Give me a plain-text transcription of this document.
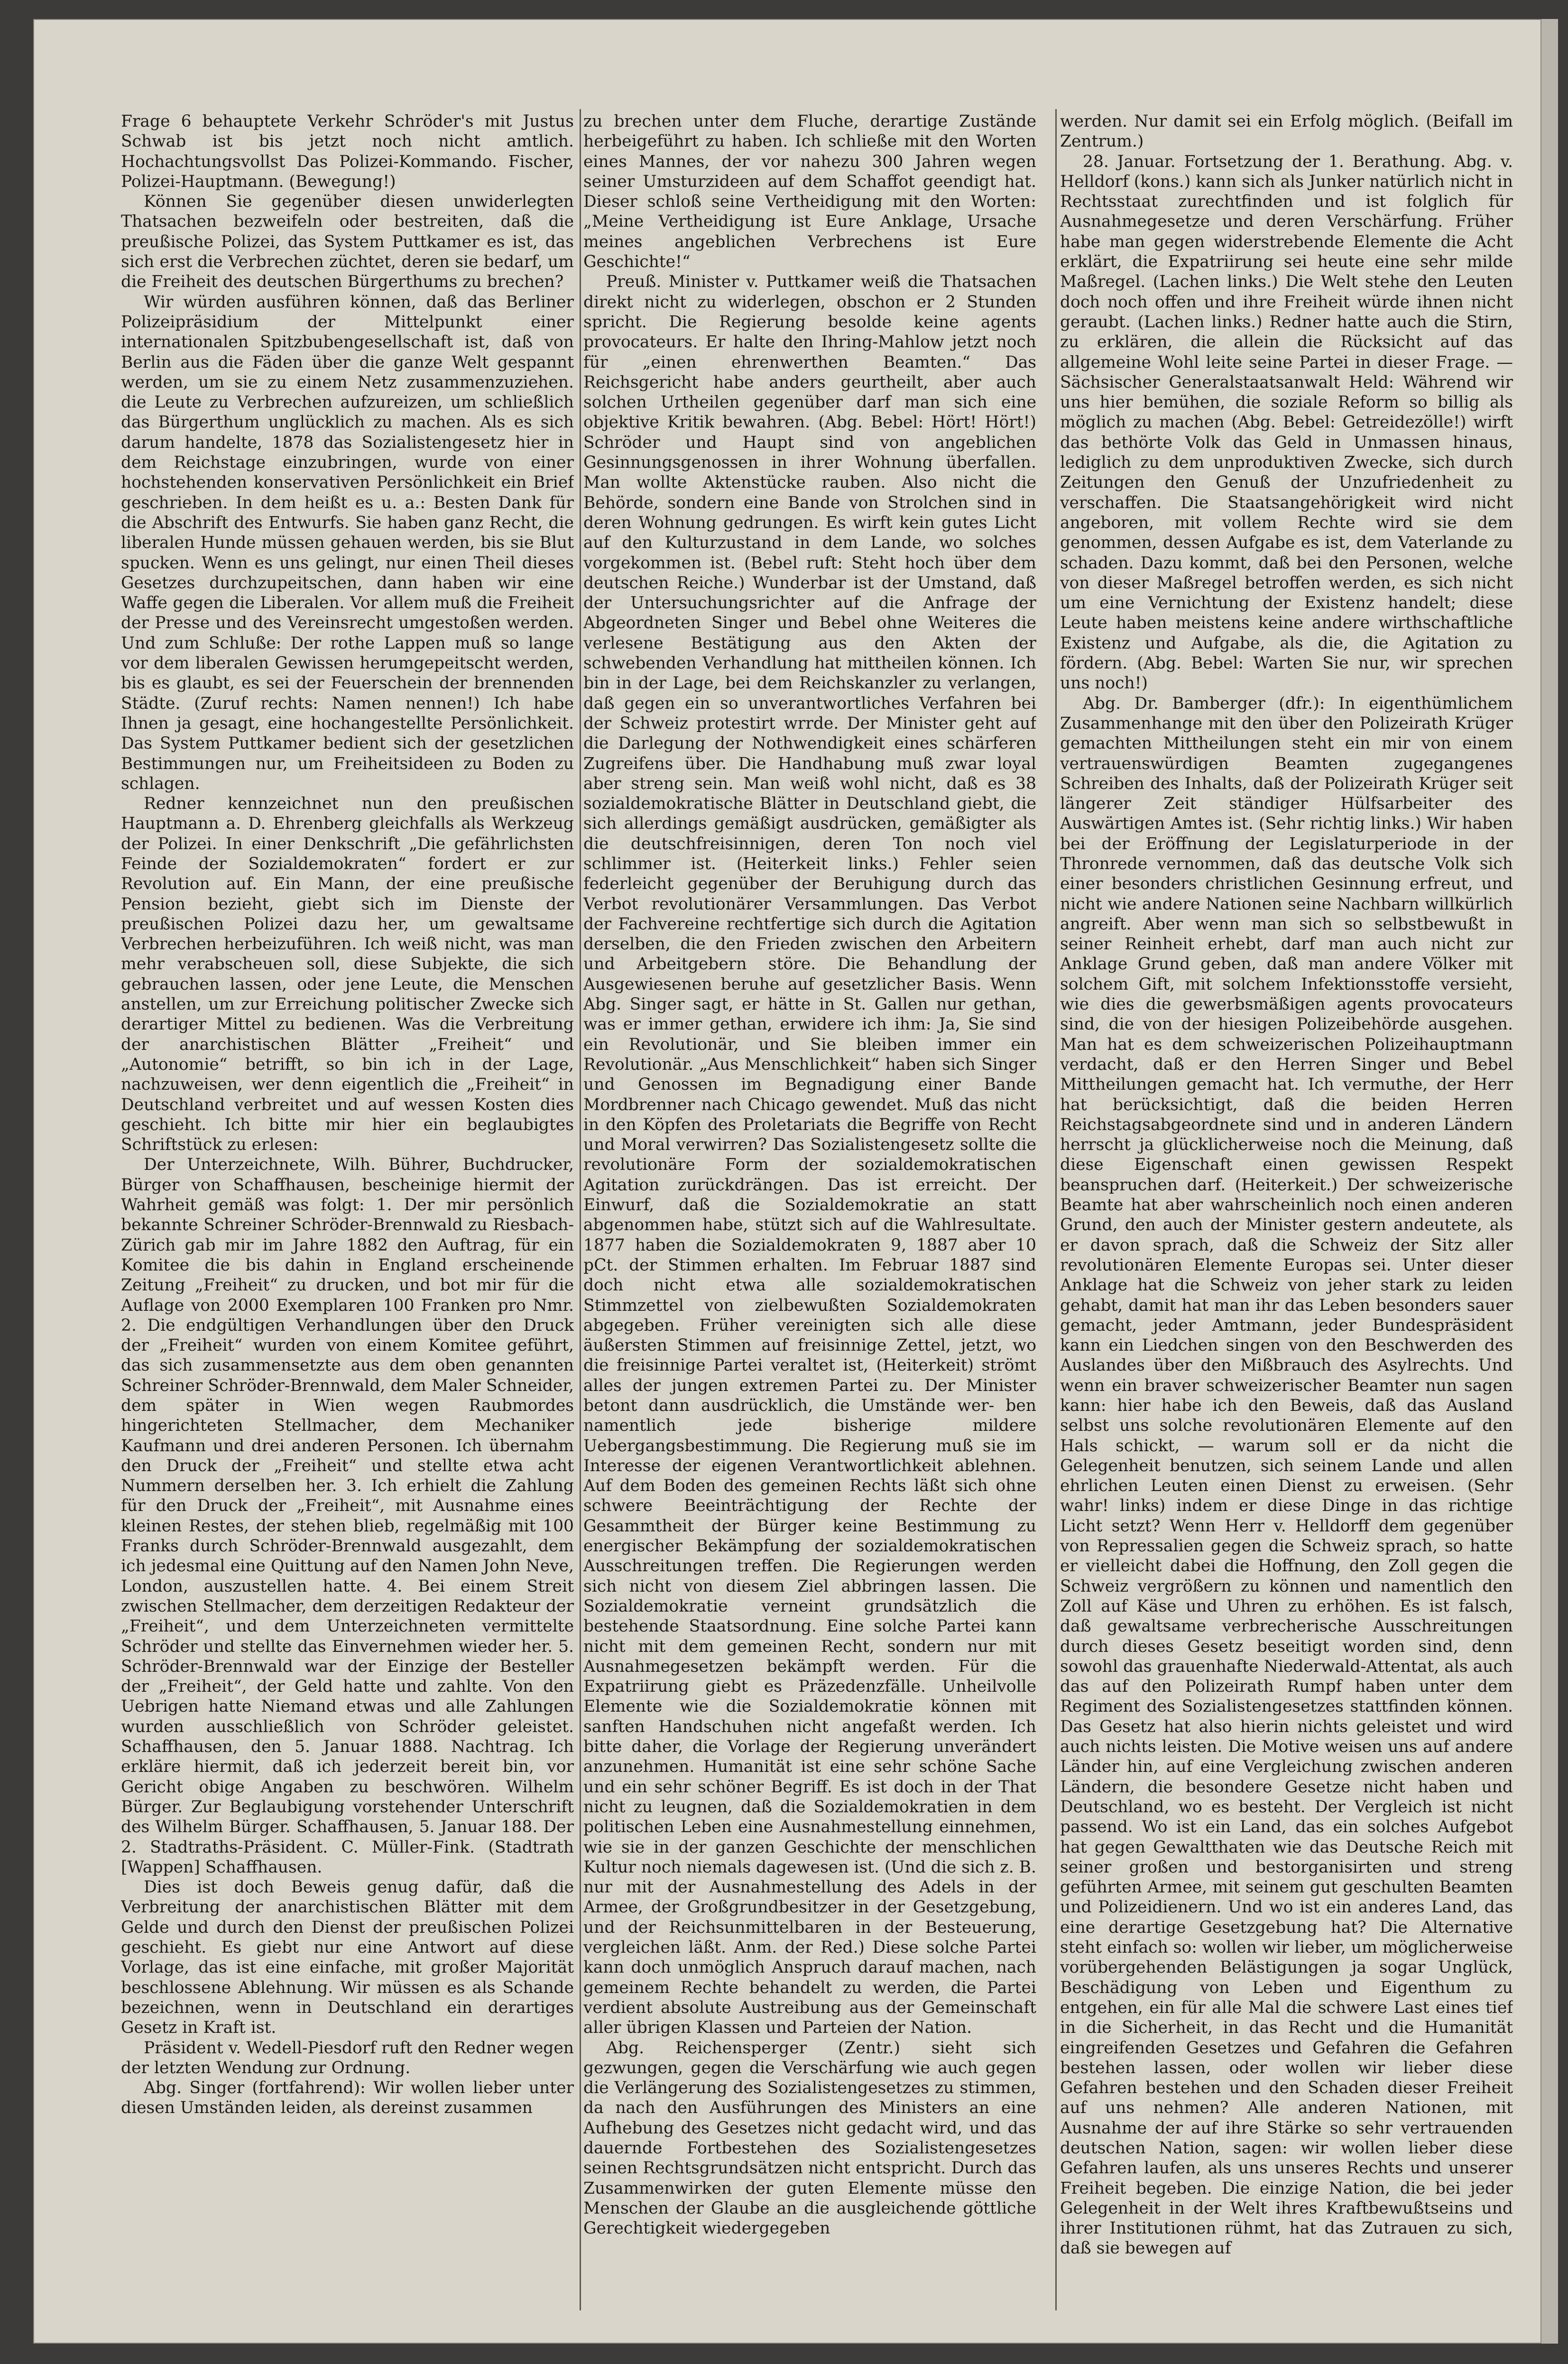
Frage 6 behauptete Verkehr Schröder's mit Justus Schwab ist bis jetzt noch nicht amtlich. Hochachtungsvollst Das Polizei-Kommando. Fischer, Polizei-Hauptmann. (Bewegung!)

Können Sie gegenüber diesen unwiderlegten Thatsachen bezweifeln oder bestreiten, daß die preußische Polizei, das System Puttkamer es ist, das sich erst die Verbrechen züchtet, deren sie bedarf, um die Freiheit des deutschen Bürgerthums zu brechen?

Wir würden ausführen können, daß das Berliner Polizeipräsidium der Mittelpunkt einer internationalen Spitzbubengesellschaft ist, daß von Berlin aus die Fäden über die ganze Welt gespannt werden, um sie zu einem Netz zusammenzuziehen. die Leute zu Verbrechen aufzureizen, um schließlich das Bürgerthum unglücklich zu machen. Als es sich darum handelte, 1878 das Sozialistengesetz hier in dem Reichstage einzubringen, wurde von einer hochstehenden konservativen Persönlichkeit ein Brief geschrieben. In dem heißt es u. a.: Besten Dank für die Abschrift des Entwurfs. Sie haben ganz Recht, die liberalen Hunde müssen gehauen werden, bis sie Blut spucken. Wenn es uns gelingt, nur einen Theil dieses Gesetzes durchzupeitschen, dann haben wir eine Waffe gegen die Liberalen. Vor allem muß die Freiheit der Presse und des Vereinsrecht umgestoßen werden. Und zum Schluße: Der rothe Lappen muß so lange vor dem liberalen Gewissen herumgepeitscht werden, bis es glaubt, es sei der Feuerschein der brennenden Städte. (Zuruf rechts: Namen nennen!) Ich habe Ihnen ja gesagt, eine hochangestellte Persönlichkeit. Das System Puttkamer bedient sich der gesetzlichen Bestimmungen nur, um Freiheitsideen zu Boden zu schlagen.

Redner kennzeichnet nun den preußischen Hauptmann a. D. Ehrenberg gleichfalls als Werkzeug der Polizei. In einer Denkschrift „Die gefährlichsten Feinde der Sozialdemokraten“ fordert er zur Revolution auf. Ein Mann, der eine preußische Pension bezieht, giebt sich im Dienste der preußischen Polizei dazu her, um gewaltsame Verbrechen herbeizuführen. Ich weiß nicht, was man mehr verabscheuen soll, diese Subjekte, die sich gebrauchen lassen, oder jene Leute, die Menschen anstellen, um zur Erreichung politischer Zwecke sich derartiger Mittel zu bedienen. Was die Verbreitung der anarchistischen Blätter „Freiheit“ und „Autonomie“ betrifft, so bin ich in der Lage, nachzuweisen, wer denn eigentlich die „Freiheit“ in Deutschland verbreitet und auf wessen Kosten dies geschieht. Ich bitte mir hier ein beglaubigtes Schriftstück zu erlesen:

Der Unterzeichnete, Wilh. Bührer, Buchdrucker, Bürger von Schaffhausen, bescheinige hiermit der Wahrheit gemäß was folgt: 1. Der mir persönlich bekannte Schreiner Schröder-Brennwald zu Riesbach-Zürich gab mir im Jahre 1882 den Auftrag, für ein Komitee die bis dahin in England erscheinende Zeitung „Freiheit“ zu drucken, und bot mir für die Auflage von 2000 Exemplaren 100 Franken pro Nmr. 2. Die endgültigen Verhandlungen über den Druck der „Freiheit“ wurden von einem Komitee geführt, das sich zusammensetzte aus dem oben genannten Schreiner Schröder-Brennwald, dem Maler Schneider, dem später in Wien wegen Raubmordes hingerichteten Stellmacher, dem Mechaniker Kaufmann und drei anderen Personen. Ich übernahm den Druck der „Freiheit“ und stellte etwa acht Nummern derselben her. 3. Ich erhielt die Zahlung für den Druck der „Freiheit“, mit Ausnahme eines kleinen Restes, der stehen blieb, regelmäßig mit 100 Franks durch Schröder-Brennwald ausgezahlt, dem ich jedesmal eine Quittung auf den Namen John Neve, London, auszustellen hatte. 4. Bei einem Streit zwischen Stellmacher, dem derzeitigen Redakteur der „Freiheit“, und dem Unterzeichneten vermittelte Schröder und stellte das Einvernehmen wieder her. 5. Schröder-Brennwald war der Einzige der Besteller der „Freiheit“, der Geld hatte und zahlte. Von den Uebrigen hatte Niemand etwas und alle Zahlungen wurden ausschließlich von Schröder geleistet. Schaffhausen, den 5. Januar 1888. Nachtrag. Ich erkläre hiermit, daß ich jederzeit bereit bin, vor Gericht obige Angaben zu beschwören. Wilhelm Bürger. Zur Beglaubigung vorstehender Unterschrift des Wilhelm Bürger. Schaffhausen, 5. Januar 188. Der 2. Stadtraths-Präsident. C. Müller-Fink. (Stadtrath [Wappen] Schaffhausen.

Dies ist doch Beweis genug dafür, daß die Verbreitung der anarchistischen Blätter mit dem Gelde und durch den Dienst der preußischen Polizei geschieht. Es giebt nur eine Antwort auf diese Vorlage, das ist eine einfache, mit großer Majorität beschlossene Ablehnung. Wir müssen es als Schande bezeichnen, wenn in Deutschland ein derartiges Gesetz in Kraft ist.

Präsident v. Wedell-Piesdorf ruft den Redner wegen der letzten Wendung zur Ordnung.

Abg. Singer (fortfahrend): Wir wollen lieber unter diesen Umständen leiden, als dereinst zusammen

zu brechen unter dem Fluche, derartige Zustände herbeigeführt zu haben. Ich schließe mit den Worten eines Mannes, der vor nahezu 300 Jahren wegen seiner Umsturzideen auf dem Schaffot geendigt hat. Dieser schloß seine Vertheidigung mit den Worten: „Meine Vertheidigung ist Eure Anklage, Ursache meines angeblichen Verbrechens ist Eure Geschichte!“

Preuß. Minister v. Puttkamer weiß die Thatsachen direkt nicht zu widerlegen, obschon er 2 Stunden spricht. Die Regierung besolde keine agents provocateurs. Er halte den Ihring-Mahlow jetzt noch für „einen ehrenwerthen Beamten.“ Das Reichsgericht habe anders geurtheilt, aber auch solchen Urtheilen gegenüber darf man sich eine objektive Kritik bewahren. (Abg. Bebel: Hört! Hört!) Schröder und Haupt sind von angeblichen Gesinnungsgenossen in ihrer Wohnung überfallen. Man wollte Aktenstücke rauben. Also nicht die Behörde, sondern eine Bande von Strolchen sind in deren Wohnung gedrungen. Es wirft kein gutes Licht auf den Kulturzustand in dem Lande, wo solches vorgekommen ist. (Bebel ruft: Steht hoch über dem deutschen Reiche.) Wunderbar ist der Umstand, daß der Untersuchungsrichter auf die Anfrage der Abgeordneten Singer und Bebel ohne Weiteres die verlesene Bestätigung aus den Akten der schwebenden Verhandlung hat mittheilen können. Ich bin in der Lage, bei dem Reichskanzler zu verlangen, daß gegen ein so unverantwortliches Verfahren bei der Schweiz protestirt wrrde. Der Minister geht auf die Darlegung der Nothwendigkeit eines schärferen Zugreifens über. Die Handhabung muß zwar loyal aber streng sein. Man weiß wohl nicht, daß es 38 sozialdemokratische Blätter in Deutschland giebt, die sich allerdings gemäßigt ausdrücken, gemäßigter als die deutschfreisinnigen, deren Ton noch viel schlimmer ist. (Heiterkeit links.) Fehler seien federleicht gegenüber der Beruhigung durch das Verbot revolutionärer Versammlungen. Das Verbot der Fachvereine rechtfertige sich durch die Agitation derselben, die den Frieden zwischen den Arbeitern und Arbeitgebern störe. Die Behandlung der Ausgewiesenen beruhe auf gesetzlicher Basis. Wenn Abg. Singer sagt, er hätte in St. Gallen nur gethan, was er immer gethan, erwidere ich ihm: Ja, Sie sind ein Revolutionär, und Sie bleiben immer ein Revolutionär. „Aus Menschlichkeit“ haben sich Singer und Genossen im Begnadigung einer Bande Mordbrenner nach Chicago gewendet. Muß das nicht in den Köpfen des Proletariats die Begriffe von Recht und Moral verwirren? Das Sozialistengesetz sollte die revolutionäre Form der sozialdemokratischen Agitation zurückdrängen. Das ist erreicht. Der Einwurf, daß die Sozialdemokratie an statt abgenommen habe, stützt sich auf die Wahlresultate. 1877 haben die Sozialdemokraten 9, 1887 aber 10 pCt. der Stimmen erhalten. Im Februar 1887 sind doch nicht etwa alle sozialdemokratischen Stimmzettel von zielbewußten Sozialdemokraten abgegeben. Früher vereinigten sich alle diese äußersten Stimmen auf freisinnige Zettel, jetzt, wo die freisinnige Partei veraltet ist, (Heiterkeit) strömt alles der jungen extremen Partei zu. Der Minister betont dann ausdrücklich, die Umstände wer- ben namentlich jede bisherige mildere Uebergangsbestimmung. Die Regierung muß sie im Interesse der eigenen Verantwortlichkeit ablehnen. Auf dem Boden des gemeinen Rechts läßt sich ohne schwere Beeinträchtigung der Rechte der Gesammtheit der Bürger keine Bestimmung zu energischer Bekämpfung der sozialdemokratischen Ausschreitungen treffen. Die Regierungen werden sich nicht von diesem Ziel abbringen lassen. Die Sozialdemokratie verneint grundsätzlich die bestehende Staatsordnung. Eine solche Partei kann nicht mit dem gemeinen Recht, sondern nur mit Ausnahmegesetzen bekämpft werden. Für die Expatriirung giebt es Präzedenzfälle. Unheilvolle Elemente wie die Sozialdemokratie können mit sanften Handschuhen nicht angefaßt werden. Ich bitte daher, die Vorlage der Regierung unverändert anzunehmen. Humanität ist eine sehr schöne Sache und ein sehr schöner Begriff. Es ist doch in der That nicht zu leugnen, daß die Sozialdemokratien in dem politischen Leben eine Ausnahmestellung einnehmen, wie sie in der ganzen Geschichte der menschlichen Kultur noch niemals dagewesen ist. (Und die sich z. B. nur mit der Ausnahmestellung des Adels in der Armee, der Großgrundbesitzer in der Gesetzgebung, und der Reichsunmittelbaren in der Besteuerung, vergleichen läßt. Anm. der Red.) Diese solche Partei kann doch unmöglich Anspruch darauf machen, nach gemeinem Rechte behandelt zu werden, die Partei verdient absolute Austreibung aus der Gemeinschaft aller übrigen Klassen und Parteien der Nation.

Abg. Reichensperger (Zentr.) sieht sich gezwungen, gegen die Verschärfung wie auch gegen die Verlängerung des Sozialistengesetzes zu stimmen, da nach den Ausführungen des Ministers an eine Aufhebung des Gesetzes nicht gedacht wird, und das dauernde Fortbestehen des Sozialistengesetzes seinen Rechtsgrundsätzen nicht entspricht. Durch das Zusammenwirken der guten Elemente müsse den Menschen der Glaube an die ausgleichende göttliche Gerechtigkeit wiedergegeben

werden. Nur damit sei ein Erfolg möglich. (Beifall im Zentrum.)

28. Januar. Fortsetzung der 1. Berathung. Abg. v. Helldorf (kons.) kann sich als Junker natürlich nicht in Rechtsstaat zurechtfinden und ist folglich für Ausnahmegesetze und deren Verschärfung. Früher habe man gegen widerstrebende Elemente die Acht erklärt, die Expatriirung sei heute eine sehr milde Maßregel. (Lachen links.) Die Welt stehe den Leuten doch noch offen und ihre Freiheit würde ihnen nicht geraubt. (Lachen links.) Redner hatte auch die Stirn, zu erklären, die allein die Rücksicht auf das allgemeine Wohl leite seine Partei in dieser Frage. — Sächsischer Generalstaatsanwalt Held: Während wir uns hier bemühen, die soziale Reform so billig als möglich zu machen (Abg. Bebel: Getreidezölle!) wirft das bethörte Volk das Geld in Unmassen hinaus, lediglich zu dem unproduktiven Zwecke, sich durch Zeitungen den Genuß der Unzufriedenheit zu verschaffen. Die Staatsangehörigkeit wird nicht angeboren, mit vollem Rechte wird sie dem genommen, dessen Aufgabe es ist, dem Vaterlande zu schaden. Dazu kommt, daß bei den Personen, welche von dieser Maßregel betroffen werden, es sich nicht um eine Vernichtung der Existenz handelt; diese Leute haben meistens keine andere wirthschaftliche Existenz und Aufgabe, als die, die Agitation zu fördern. (Abg. Bebel: Warten Sie nur, wir sprechen uns noch!)

Abg. Dr. Bamberger (dfr.): In eigenthümlichem Zusammenhange mit den über den Polizeirath Krüger gemachten Mittheilungen steht ein mir von einem vertrauenswürdigen Beamten zugegangenes Schreiben des Inhalts, daß der Polizeirath Krüger seit längerer Zeit ständiger Hülfsarbeiter des Auswärtigen Amtes ist. (Sehr richtig links.) Wir haben bei der Eröffnung der Legislaturperiode in der Thronrede vernommen, daß das deutsche Volk sich einer besonders christlichen Gesinnung erfreut, und nicht wie andere Nationen seine Nachbarn willkürlich angreift. Aber wenn man sich so selbstbewußt in seiner Reinheit erhebt, darf man auch nicht zur Anklage Grund geben, daß man andere Völker mit solchem Gift, mit solchem Infektionsstoffe versieht, wie dies die gewerbsmäßigen agents provocateurs sind, die von der hiesigen Polizeibehörde ausgehen. Man hat es dem schweizerischen Polizeihauptmann verdacht, daß er den Herren Singer und Bebel Mittheilungen gemacht hat. Ich vermuthe, der Herr hat berücksichtigt, daß die beiden Herren Reichstagsabgeordnete sind und in anderen Ländern herrscht ja glücklicherweise noch die Meinung, daß diese Eigenschaft einen gewissen Respekt beanspruchen darf. (Heiterkeit.) Der schweizerische Beamte hat aber wahrscheinlich noch einen anderen Grund, den auch der Minister gestern andeutete, als er davon sprach, daß die Schweiz der Sitz aller revolutionären Elemente Europas sei. Unter dieser Anklage hat die Schweiz von jeher stark zu leiden gehabt, damit hat man ihr das Leben besonders sauer gemacht, jeder Amtmann, jeder Bundespräsident kann ein Liedchen singen von den Beschwerden des Auslandes über den Mißbrauch des Asylrechts. Und wenn ein braver schweizerischer Beamter nun sagen kann: hier habe ich den Beweis, daß das Ausland selbst uns solche revolutionären Elemente auf den Hals schickt, — warum soll er da nicht die Gelegenheit benutzen, sich seinem Lande und allen ehrlichen Leuten einen Dienst zu erweisen. (Sehr wahr! links) indem er diese Dinge in das richtige Licht setzt? Wenn Herr v. Helldorff dem gegenüber von Repressalien gegen die Schweiz sprach, so hatte er vielleicht dabei die Hoffnung, den Zoll gegen die Schweiz vergrößern zu können und namentlich den Zoll auf Käse und Uhren zu erhöhen. Es ist falsch, daß gewaltsame verbrecherische Ausschreitungen durch dieses Gesetz beseitigt worden sind, denn sowohl das grauenhafte Niederwald-Attentat, als auch das auf den Polizeirath Rumpf haben unter dem Regiment des Sozialistengesetzes stattfinden können. Das Gesetz hat also hierin nichts geleistet und wird auch nichts leisten. Die Motive weisen uns auf andere Länder hin, auf eine Vergleichung zwischen anderen Ländern, die besondere Gesetze nicht haben und Deutschland, wo es besteht. Der Vergleich ist nicht passend. Wo ist ein Land, das ein solches Aufgebot hat gegen Gewaltthaten wie das Deutsche Reich mit seiner großen und bestorganisirten und streng geführten Armee, mit seinem gut geschulten Beamten und Polizeidienern. Und wo ist ein anderes Land, das eine derartige Gesetzgebung hat? Die Alternative steht einfach so: wollen wir lieber, um möglicherweise vorübergehenden Belästigungen ja sogar Unglück, Beschädigung von Leben und Eigenthum zu entgehen, ein für alle Mal die schwere Last eines tief in die Sicherheit, in das Recht und die Humanität eingreifenden Gesetzes und Gefahren die Gefahren bestehen lassen, oder wollen wir lieber diese Gefahren bestehen und den Schaden dieser Freiheit auf uns nehmen? Alle anderen Nationen, mit Ausnahme der auf ihre Stärke so sehr vertrauenden deutschen Nation, sagen: wir wollen lieber diese Gefahren laufen, als uns unseres Rechts und unserer Freiheit begeben. Die einzige Nation, die bei jeder Gelegenheit in der Welt ihres Kraftbewußtseins und ihrer Institutionen rühmt, hat das Zutrauen zu sich, daß sie bewegen auf
